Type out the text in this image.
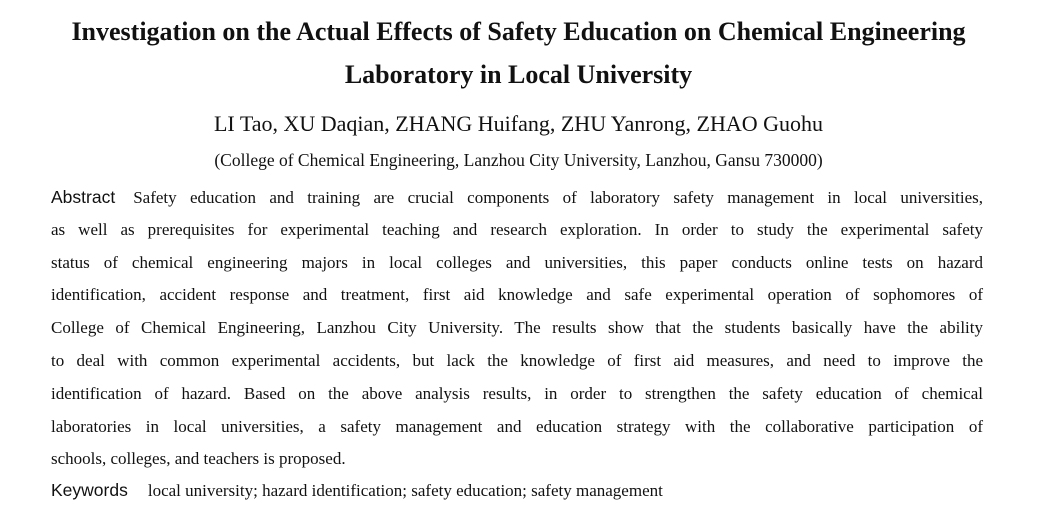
Investigation on the Actual Effects of Safety Education on Chemical Engineering
Laboratory in Local University
LI Tao, XU Daqian, ZHANG Huifang, ZHU Yanrong, ZHAO Guohu
(College of Chemical Engineering, Lanzhou City University, Lanzhou, Gansu 730000)
Abstract Safety education and training are crucial components of laboratory safety management in local universities,
as well as prerequisites for experimental teaching and research exploration. In order to study the experimental safety
status of chemical engineering majors in local colleges and universities, this paper conducts online tests on hazard
identification, accident response and treatment, first aid knowledge and safe experimental operation of sophomores of
College of Chemical Engineering, Lanzhou City University. The results show that the students basically have the ability
to deal with common experimental accidents, but lack the knowledge of first aid measures, and need to improve the
identification of hazard. Based on the above analysis results, in order to strengthen the safety education of chemical
laboratories in local universities, a safety management and education strategy with the collaborative participation of
schools, colleges, and teachers is proposed.
Keywords local university; hazard identification; safety education; safety management
